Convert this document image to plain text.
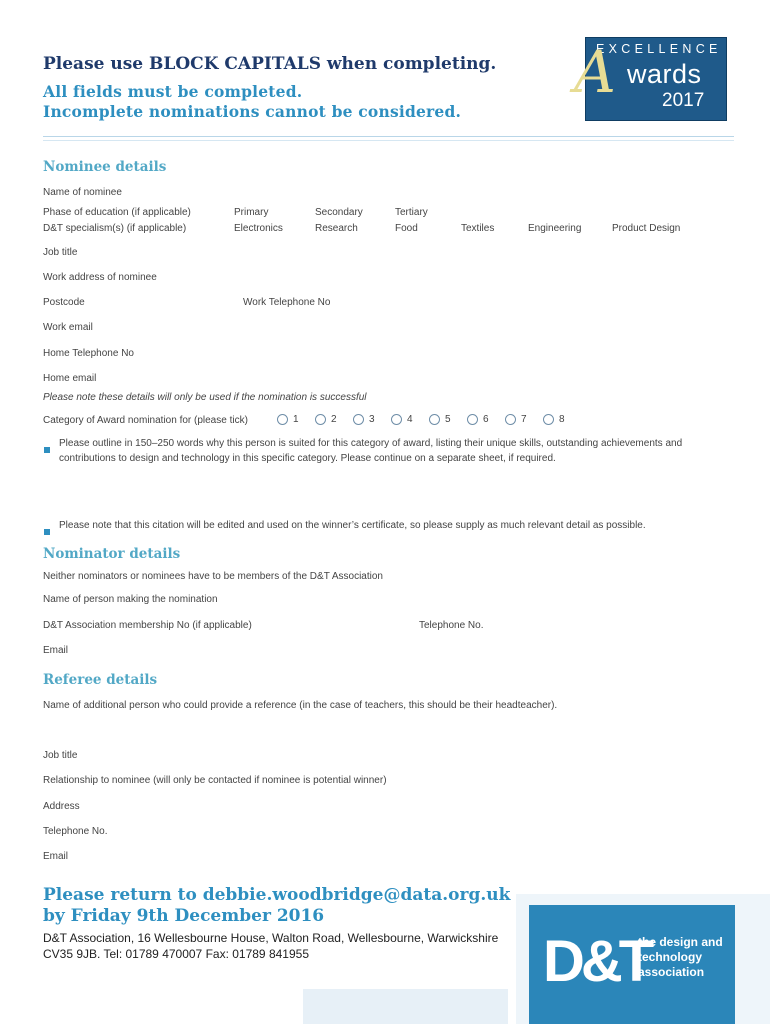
Please use BLOCK CAPITALS when completing.
All fields must be completed.
Incomplete nominations cannot be considered.
EXCELLENCE
A wards
2017
Nominee details
Name of nominee
Phase of education (if applicable)	Primary	Secondary	Tertiary
D&T specialism(s) (if applicable)	Electronics	Research	Food	Textiles	Engineering	Product Design
Job title
Work address of nominee
Postcode	Work Telephone No
Work email
Home Telephone No
Home email
Please note these details will only be used if the nomination is successful
Category of Award nomination for (please tick)	1	2	3	4	5	6	7	8
Please outline in 150–250 words why this person is suited for this category of award, listing their unique skills, outstanding achievements and contributions to design and technology in this specific category. Please continue on a separate sheet, if required.
Please note that this citation will be edited and used on the winner’s certificate, so please supply as much relevant detail as possible.
Nominator details
Neither nominators or nominees have to be members of the D&T Association
Name of person making the nomination
D&T Association membership No (if applicable)	Telephone No.
Email
Referee details
Name of additional person who could provide a reference (in the case of teachers, this should be their headteacher).
Job title
Relationship to nominee (will only be contacted if nominee is potential winner)
Address
Telephone No.
Email
Please return to debbie.woodbridge@data.org.uk
by Friday 9th December 2016
D&T Association, 16 Wellesbourne House, Walton Road, Wellesbourne, Warwickshire CV35 9JB. Tel: 01789 470007 Fax: 01789 841955	D&T
the design and technology association
